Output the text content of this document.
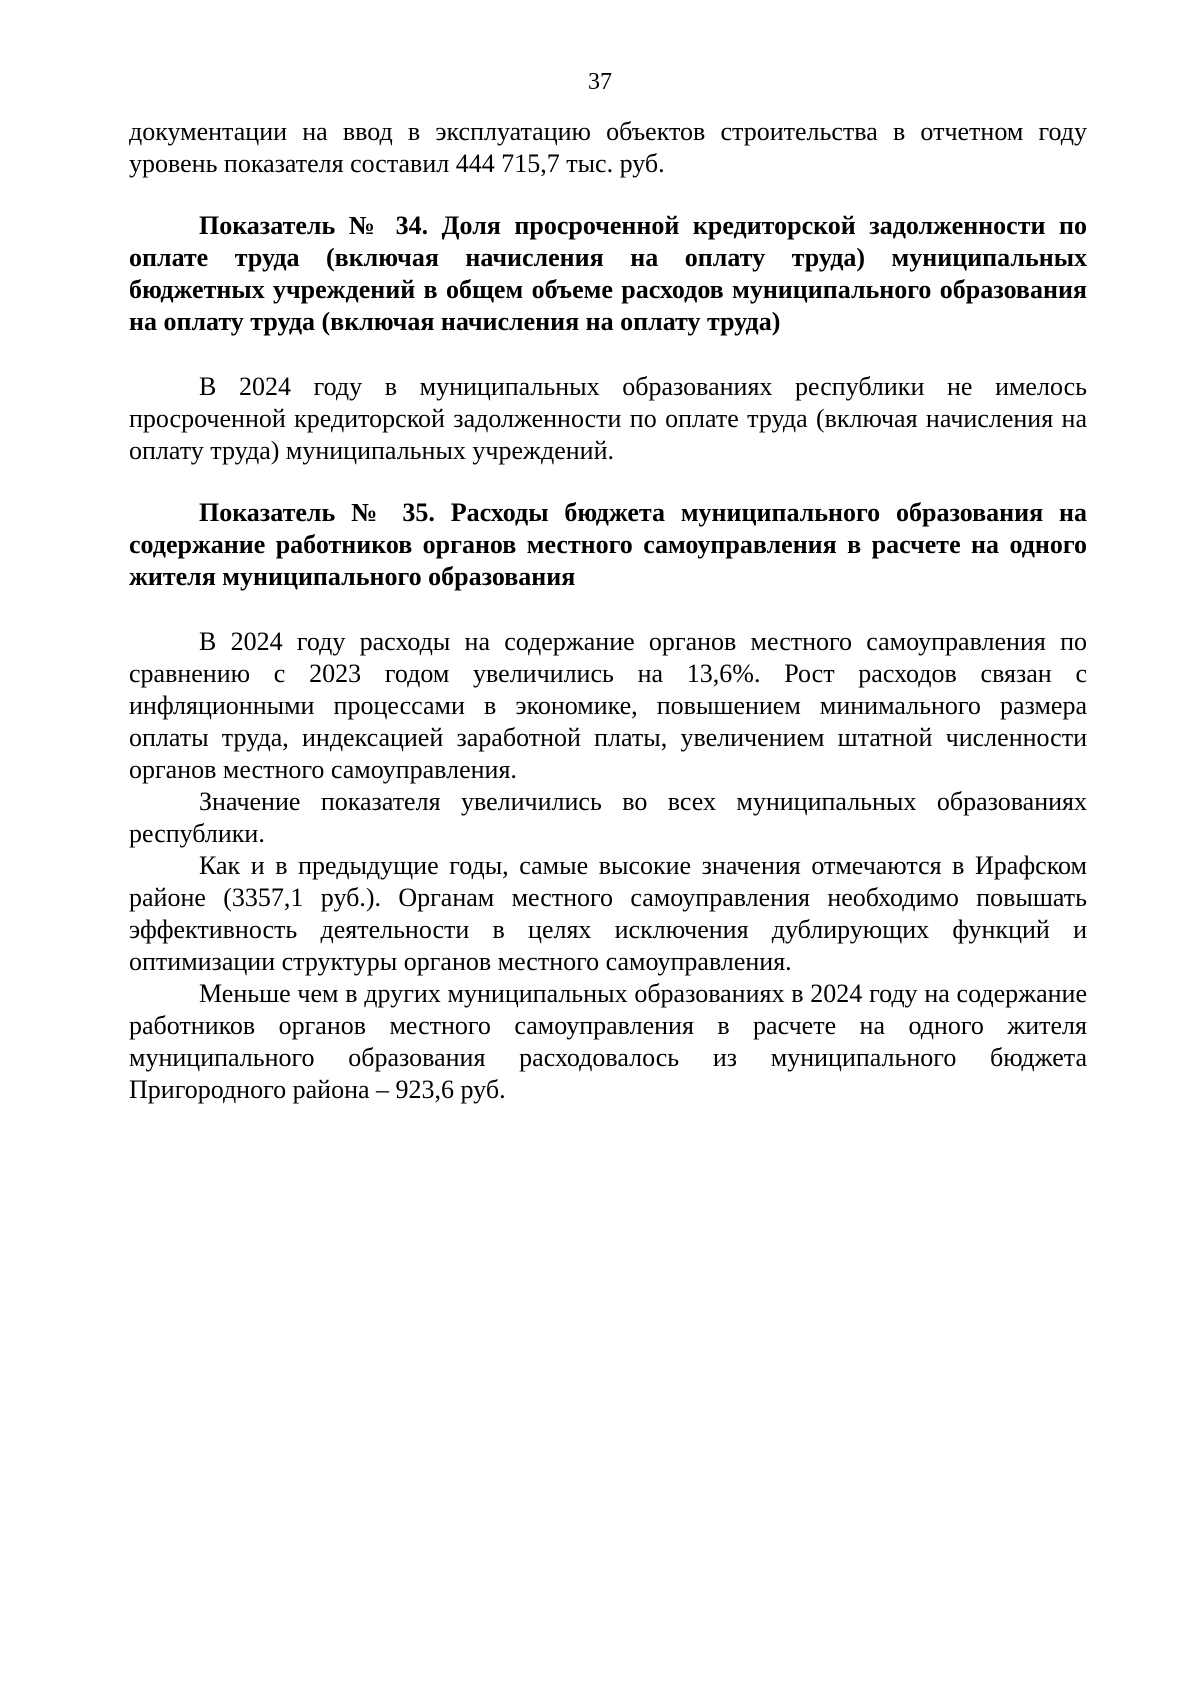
37

документации на ввод в эксплуатацию объектов строительства в отчетном году уровень показателя составил 444 715,7 тыс. руб.

Показатель № 34. Доля просроченной кредиторской задолженности по оплате труда (включая начисления на оплату труда) муниципальных бюджетных учреждений в общем объеме расходов муниципального образования на оплату труда (включая начисления на оплату труда)

В 2024 году в муниципальных образованиях республики не имелось просроченной кредиторской задолженности по оплате труда (включая начисления на оплату труда) муниципальных учреждений.

Показатель № 35. Расходы бюджета муниципального образования на содержание работников органов местного самоуправления в расчете на одного жителя муниципального образования

В 2024 году расходы на содержание органов местного самоуправления по сравнению с 2023 годом увеличились на 13,6%. Рост расходов связан с инфляционными процессами в экономике, повышением минимального размера оплаты труда, индексацией заработной платы, увеличением штатной численности органов местного самоуправления.

Значение показателя увеличились во всех муниципальных образованиях республики.

Как и в предыдущие годы, самые высокие значения отмечаются в Ирафском районе (3357,1 руб.). Органам местного самоуправления необходимо повышать эффективность деятельности в целях исключения дублирующих функций и оптимизации структуры органов местного самоуправления.

Меньше чем в других муниципальных образованиях в 2024 году на содержание работников органов местного самоуправления в расчете на одного жителя муниципального образования расходовалось из муниципального бюджета Пригородного района – 923,6 руб.
